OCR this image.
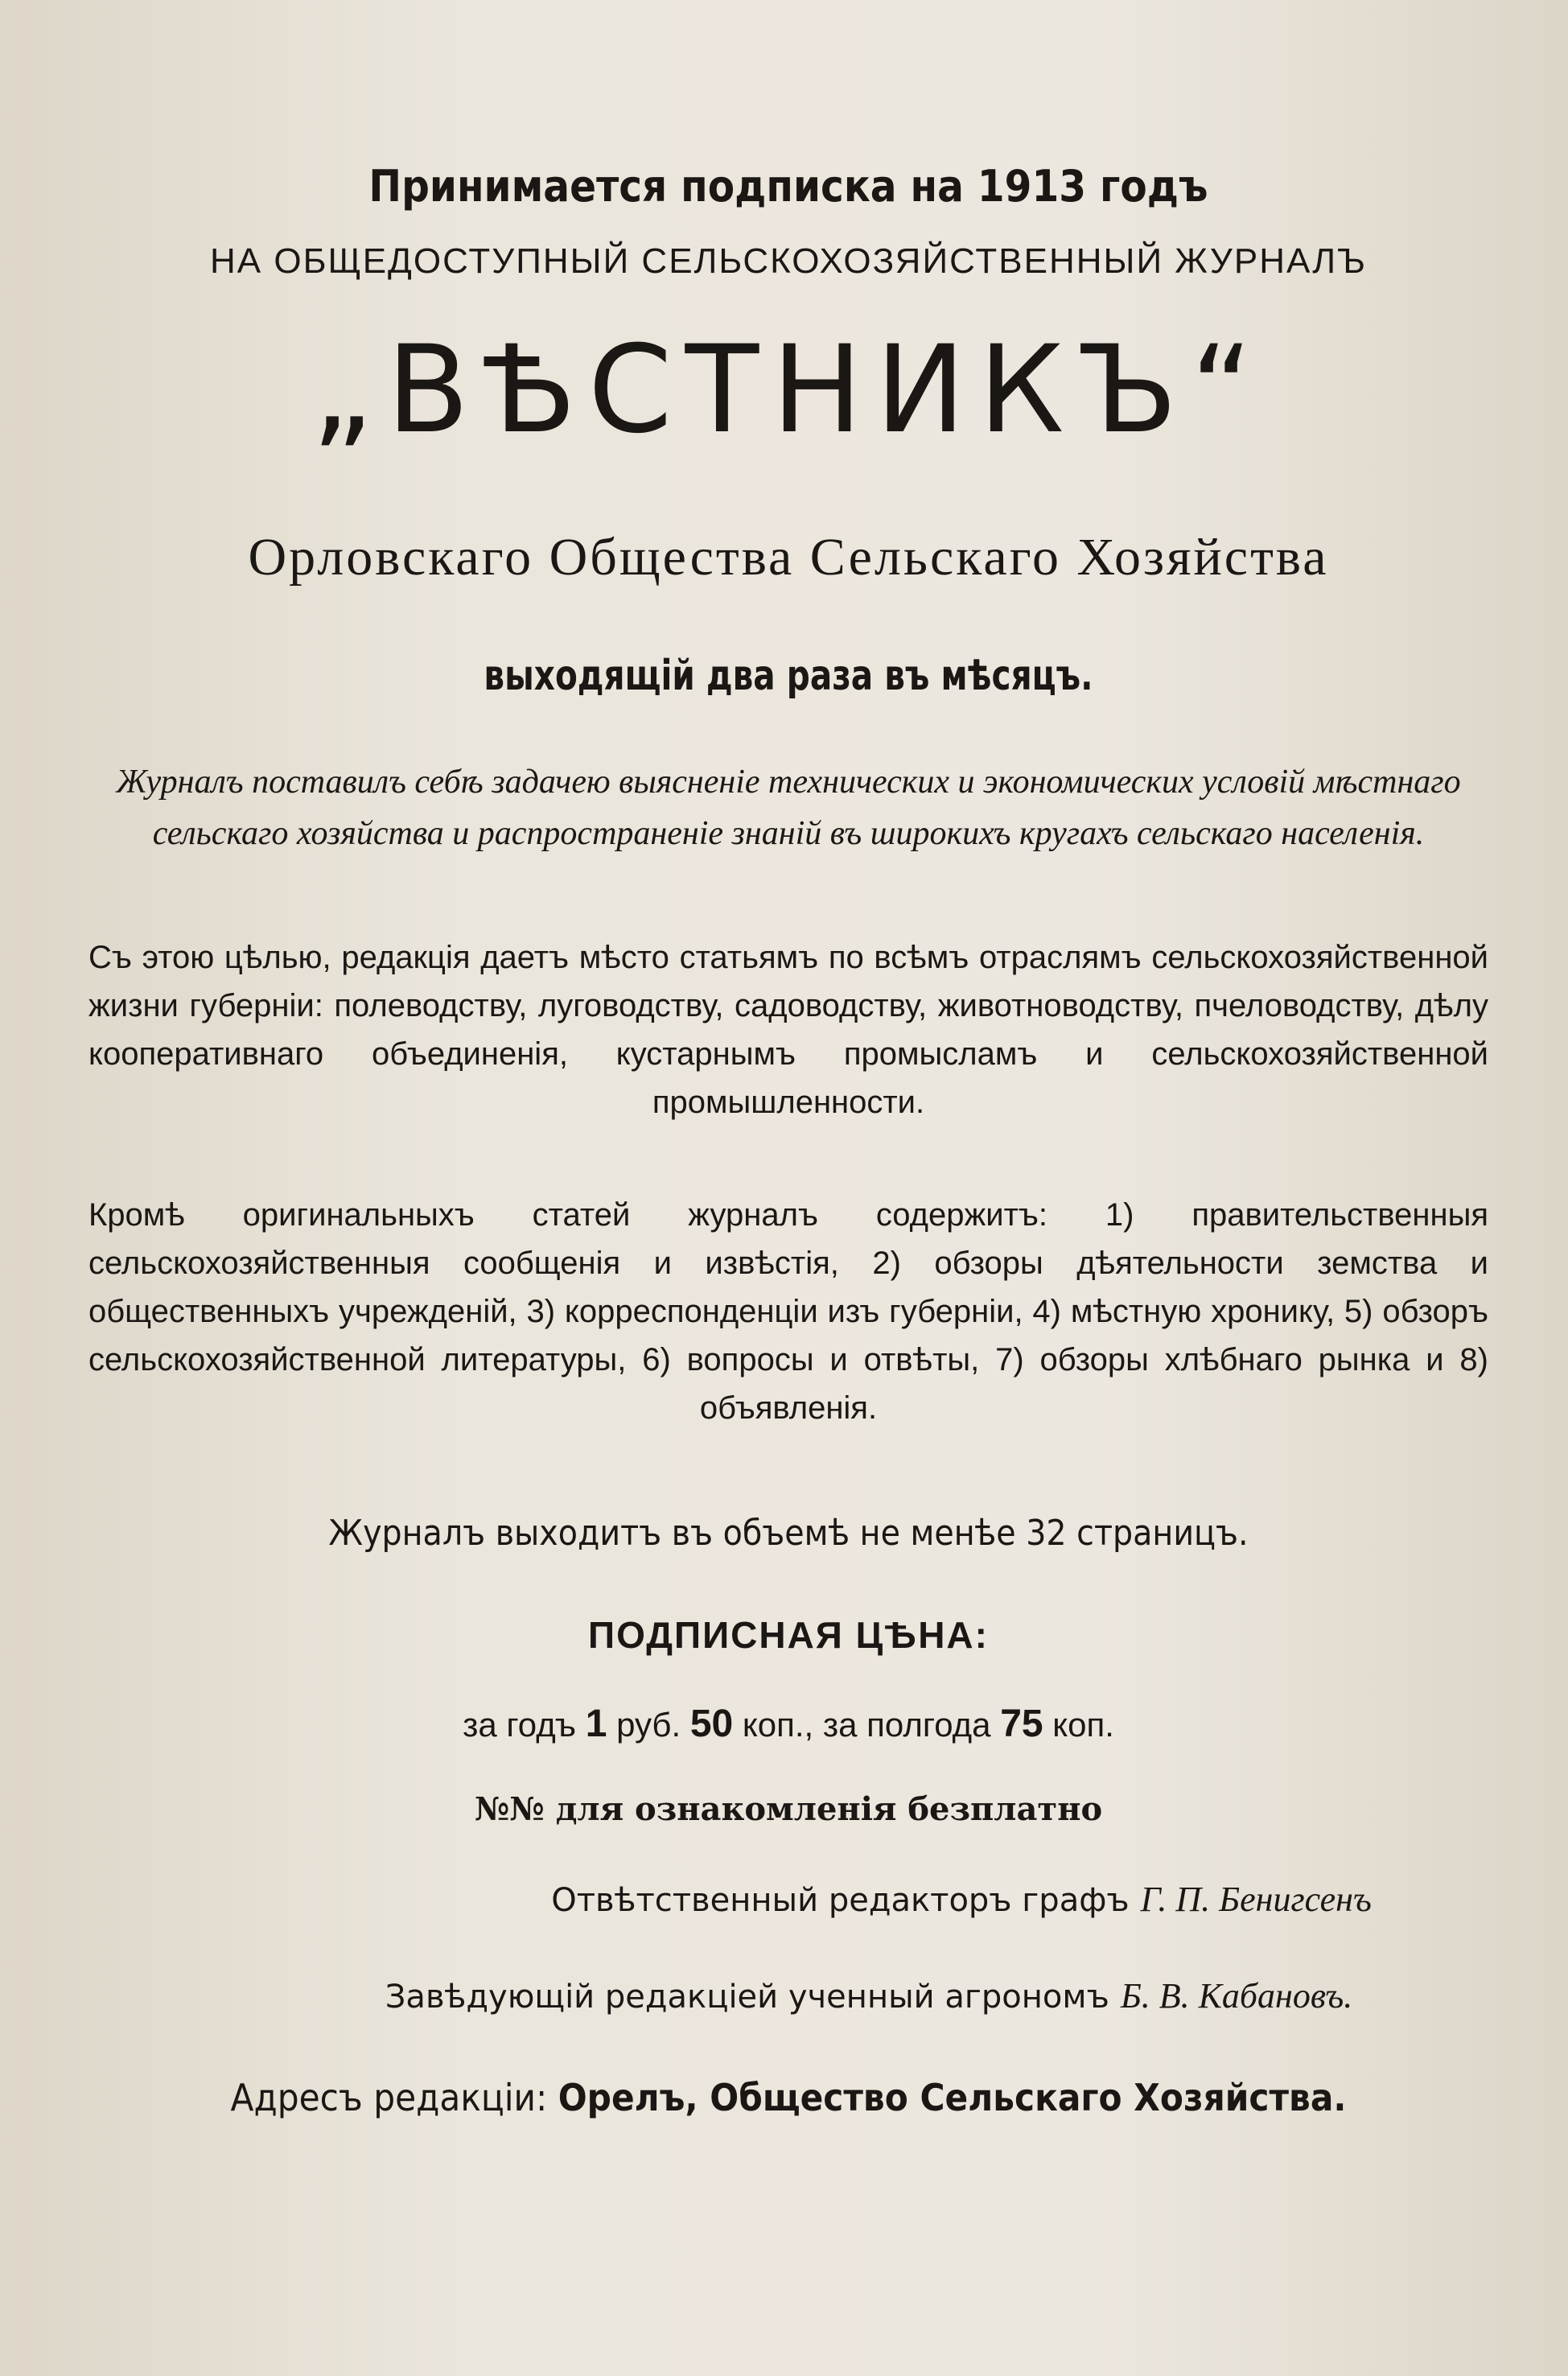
Принимается подписка на 1913 годъ
НА ОБЩЕДОСТУПНЫЙ СЕЛЬСКОХОЗЯЙСТВЕННЫЙ ЖУРНАЛЪ
„ВѢСТНИКЪ“
Орловскаго Общества Сельскаго Хозяйства
выходящій два раза въ мѣсяцъ.
Журналъ поставилъ себѣ задачею выясненіе технических и экономических условій мѣстнаго сельскаго хозяйства и распространеніе знаній въ широкихъ кругахъ сельскаго населенія.
Съ этою цѣлью, редакція даетъ мѣсто статьямъ по всѣмъ отраслямъ сельскохозяйственной жизни губерніи: полеводству, луговодству, садоводству, животноводству, пчеловодству, дѣлу кооперативнаго объединенія, кустарнымъ промысламъ и сельскохозяйственной промышленности.
Кромѣ оригинальныхъ статей журналъ содержитъ: 1) правительственныя сельскохозяйственныя сообщенія и извѣстія, 2) обзоры дѣятельности земства и общественныхъ учрежденій, 3) корреспонденціи изъ губерніи, 4) мѣстную хронику, 5) обзоръ сельскохозяйственной литературы, 6) вопросы и отвѣты, 7) обзоры хлѣбнаго рынка и 8) объявленія.
Журналъ выходитъ въ объемѣ не менѣе 32 страницъ.
ПОДПИСНАЯ ЦѢНА:
за годъ 1 руб. 50 коп., за полгода 75 коп.
№№ для ознакомленія безплатно
Отвѣтственный редакторъ графъ Г. П. Бенигсенъ
Завѣдующій редакціей ученный агрономъ Б. В. Кабановъ.
Адресъ редакціи: Орелъ, Общество Сельскаго Хозяйства.
